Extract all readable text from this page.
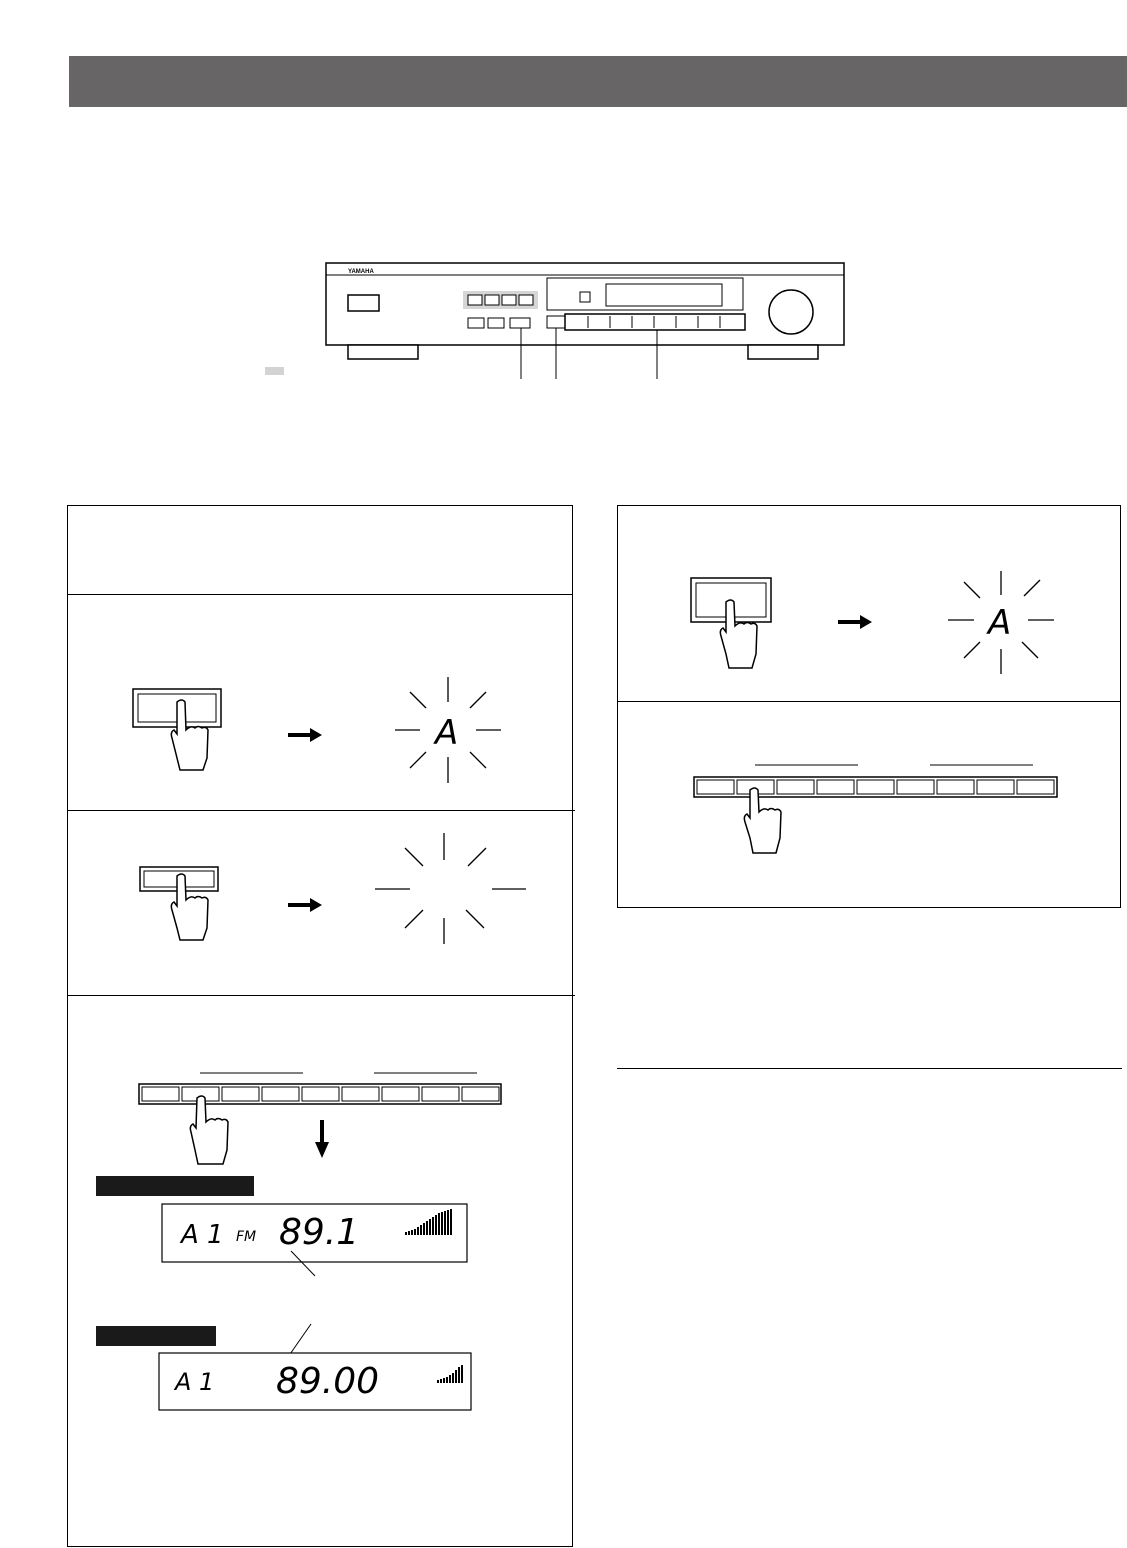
YAMAHA
A
A 1 FM 89.1
A 1 89.00
A
